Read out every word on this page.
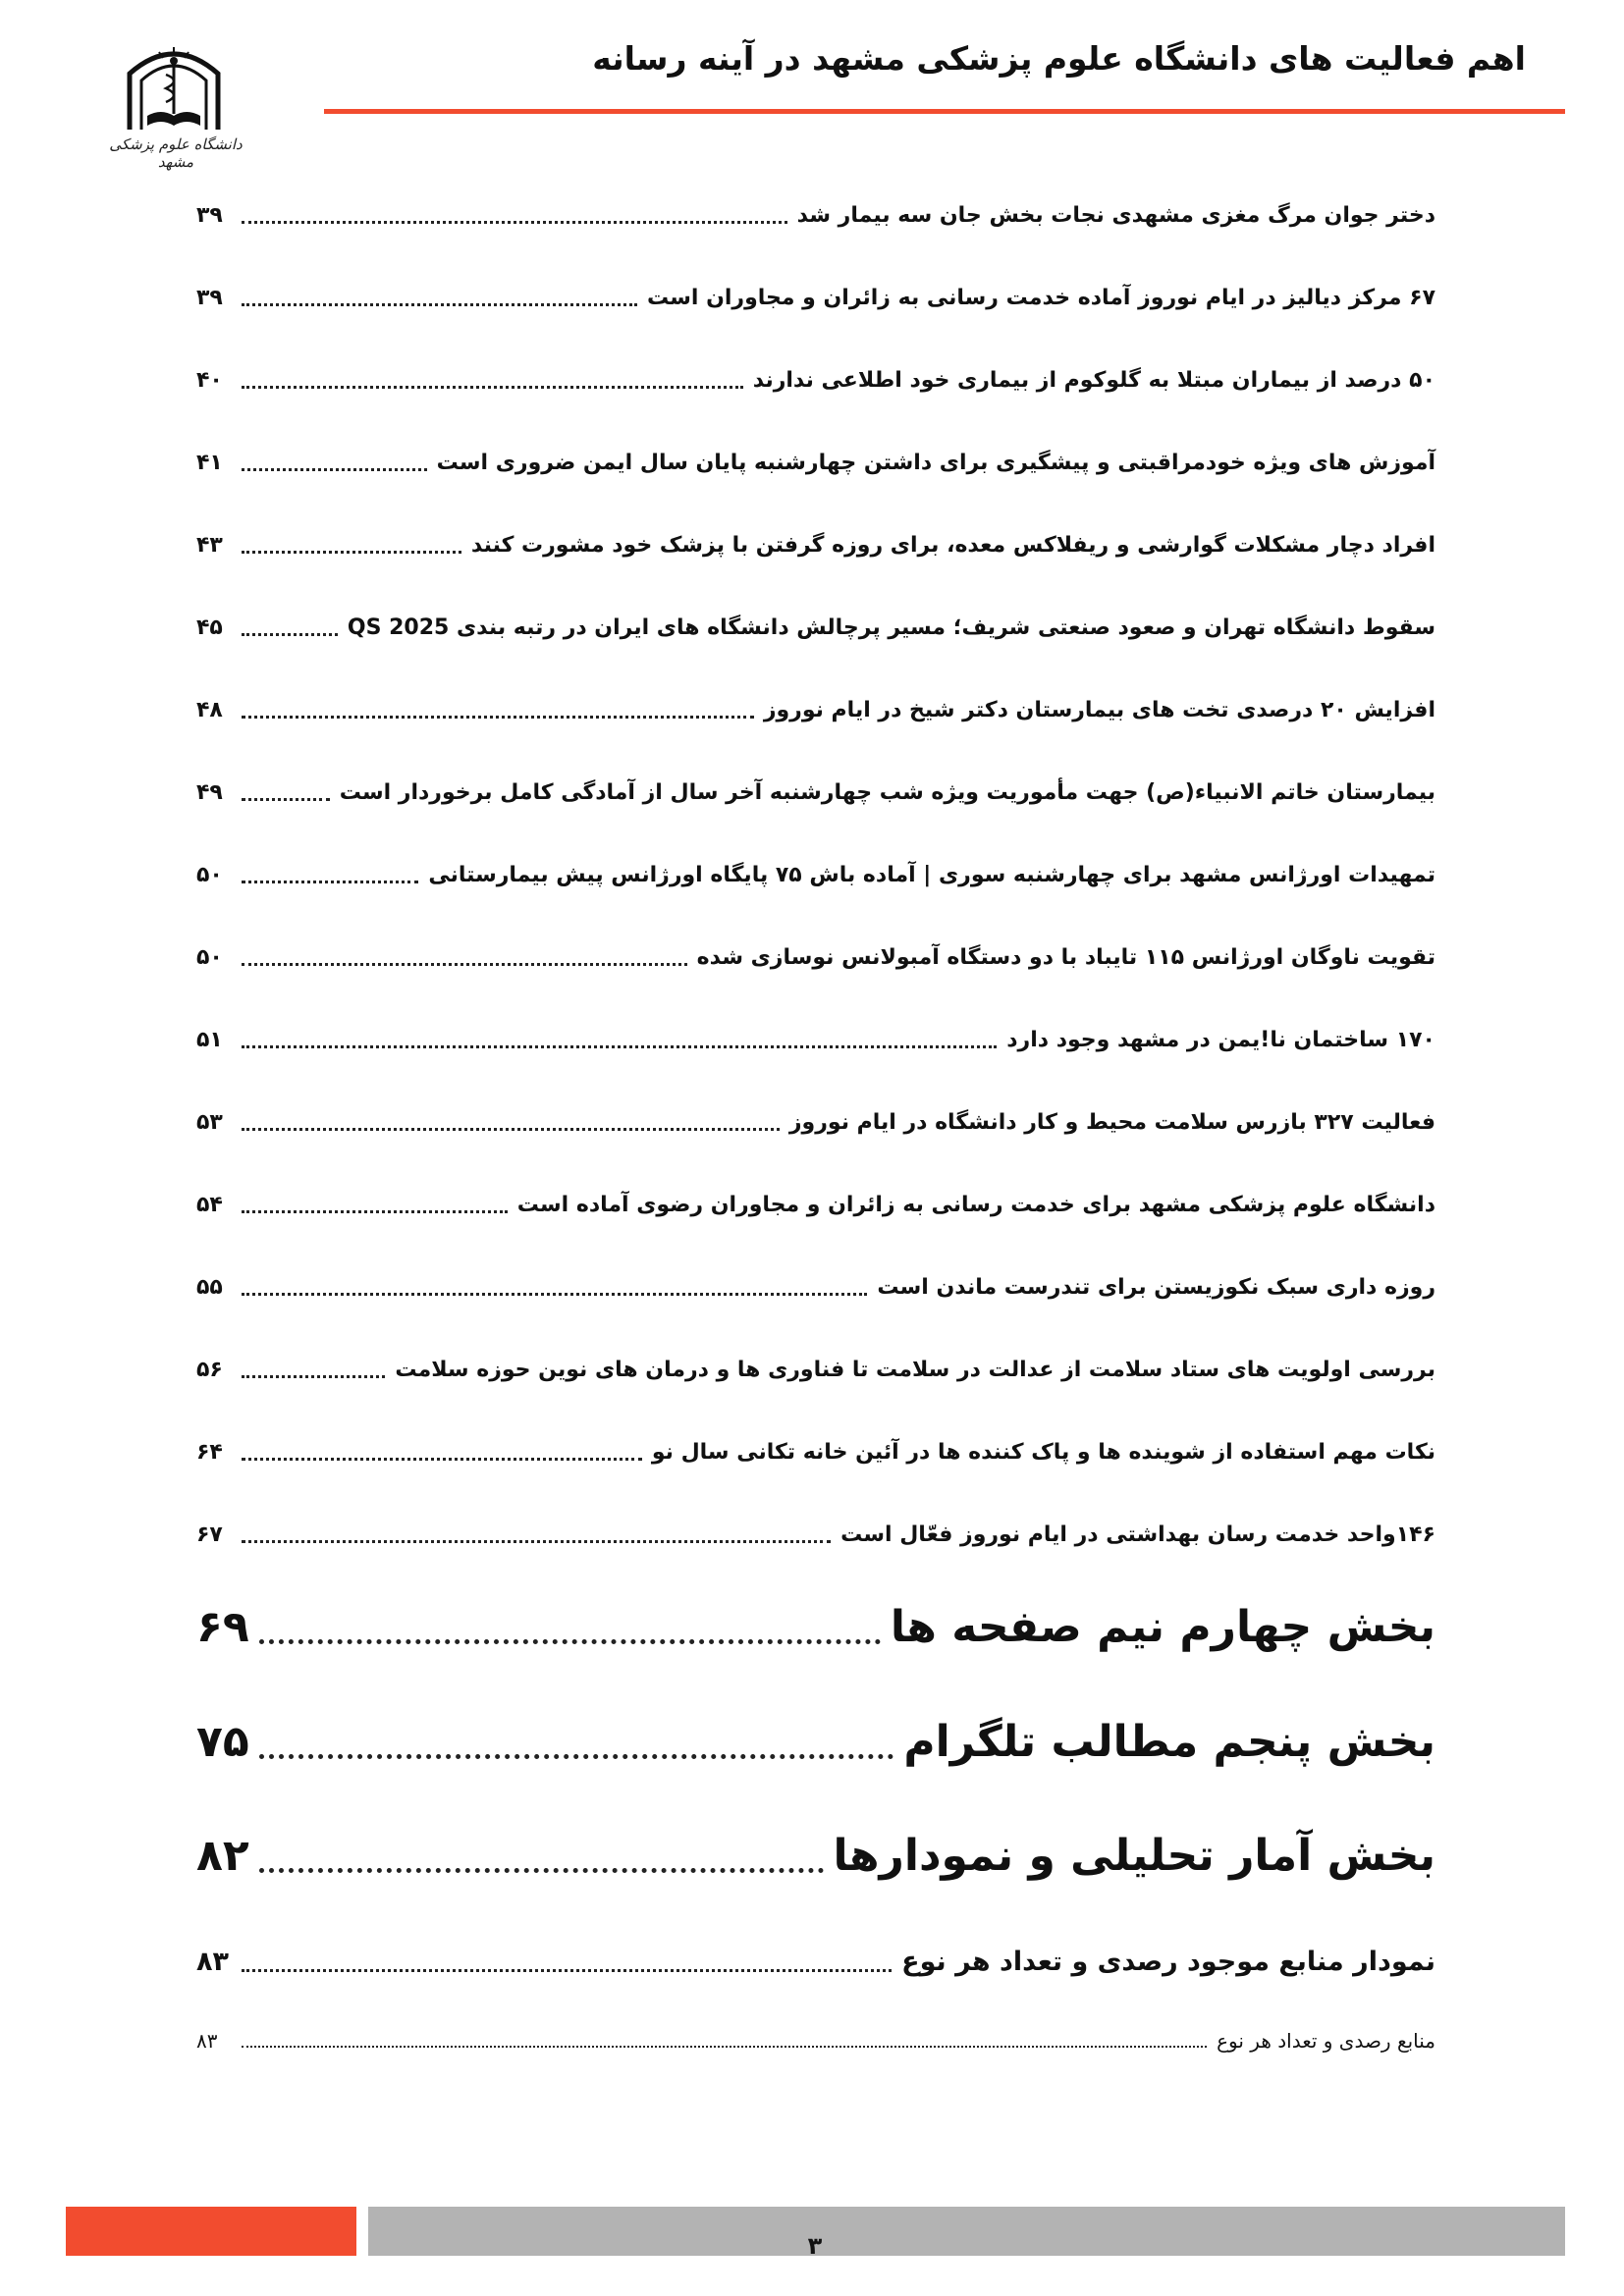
اهم فعالیت های دانشگاه علوم پزشکی مشهد در آینه رسانه
دانشگاه علوم پزشکی مشهد
دختر جوان مرگ مغزی مشهدی نجات بخش جان سه بیمار شد
۳۹
۶۷ مرکز دیالیز در ایام نوروز آماده خدمت رسانی به زائران و مجاوران است
۳۹
۵۰ درصد از بیماران مبتلا به گلوکوم از بیماری خود اطلاعی ندارند
۴۰
آموزش های ویژه خودمراقبتی و پیشگیری برای داشتن چهارشنبه پایان سال ایمن ضروری است
۴۱
افراد دچار مشکلات گوارشی و ریفلاکس معده، برای روزه گرفتن با پزشک خود مشورت کنند
۴۳
سقوط دانشگاه تهران و صعود صنعتی شریف؛ مسیر پرچالش دانشگاه های ایران در رتبه بندی QS 2025
۴۵
افزایش ۲۰ درصدی تخت های بیمارستان دکتر شیخ در ایام نوروز
۴۸
بیمارستان خاتم الانبیاء(ص) جهت مأموریت ویژه شب چهارشنبه آخر سال از آمادگی کامل برخوردار است
۴۹
تمهیدات اورژانس مشهد برای چهارشنبه سوری | آماده باش ۷۵ پایگاه اورژانس پیش بیمارستانی
۵۰
تقویت ناوگان اورژانس ۱۱۵ تایباد با دو دستگاه آمبولانس نوسازی شده
۵۰
۱۷۰ ساختمان نا!یمن در مشهد وجود دارد
۵۱
فعالیت ۳۲۷ بازرس سلامت محیط و کار دانشگاه در ایام نوروز
۵۳
دانشگاه علوم پزشکی مشهد برای خدمت رسانی به زائران و مجاوران رضوی آماده است
۵۴
روزه داری سبک نکوزیستن برای تندرست ماندن است
۵۵
بررسی اولویت های ستاد سلامت از عدالت در سلامت تا فناوری ها و درمان های نوین حوزه سلامت
۵۶
نکات مهم استفاده از شوینده ها و پاک کننده ها در آئین خانه تکانی سال نو
۶۴
۱۴۶واحد خدمت رسان بهداشتی در ایام نوروز فعّال است
۶۷
بخش چهارم نیم صفحه ها
۶۹
بخش پنجم مطالب تلگرام
۷۵
بخش آمار تحلیلی و نمودارها
۸۲
نمودار منابع موجود رصدی و تعداد هر نوع
۸۳
منابع رصدی و تعداد هر نوع
۸۳
۳
